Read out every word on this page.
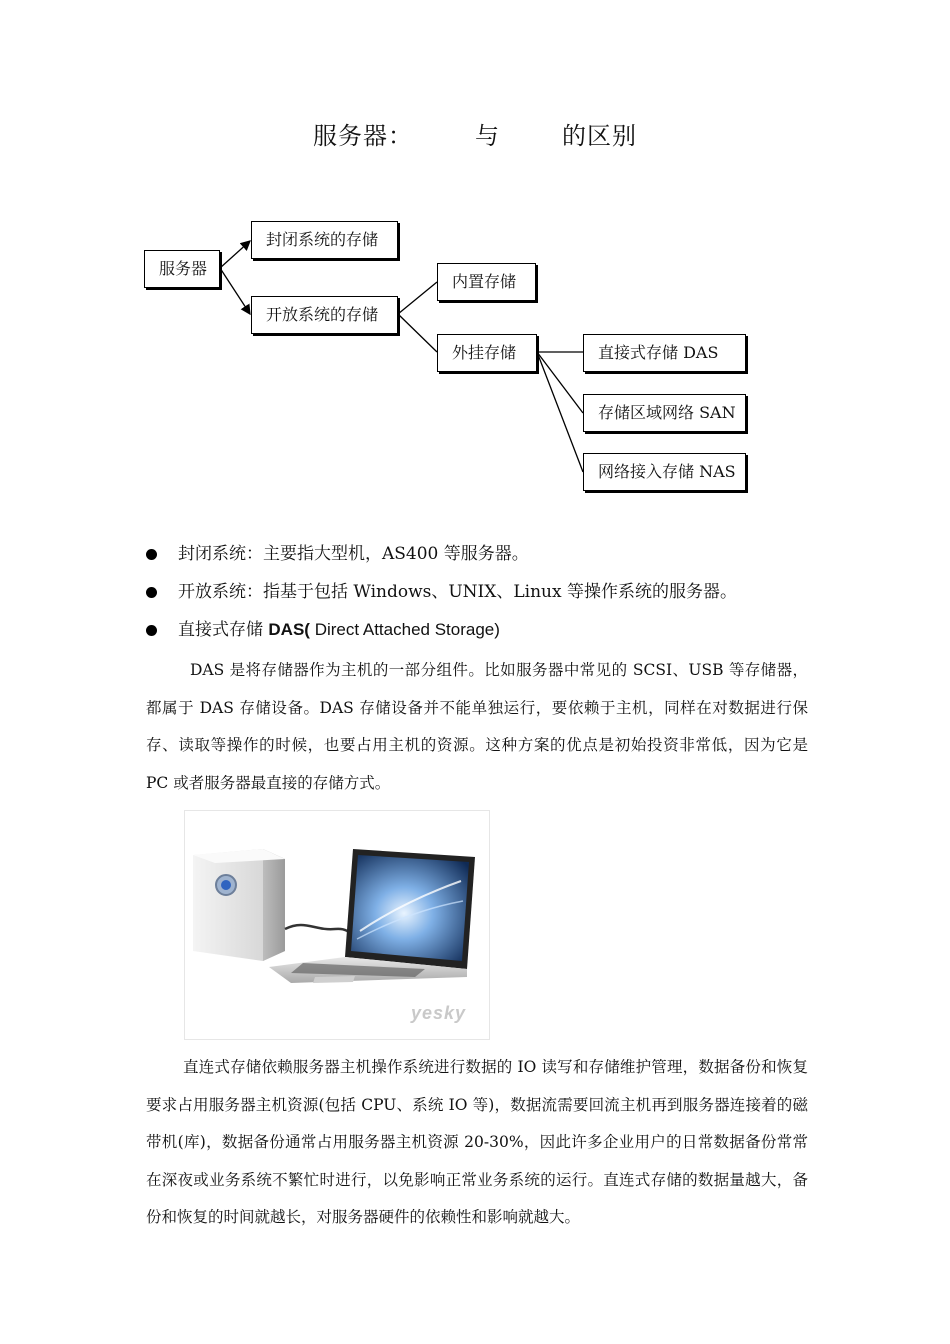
服务器：	与	的区别
服务器
封闭系统的存储
开放系统的存储
内置存储
外挂存储	直接式存储 DAS
存储区域网络 SAN
网络接入存储 NAS
封闭系统：主要指大型机，AS400 等服务器。
开放系统：指基于包括 Windows、UNIX、Linux 等操作系统的服务器。
直接式存储 DAS( Direct Attached Storage)
DAS 是将存储器作为主机的一部分组件。比如服务器中常见的 SCSI、USB 等存储器，都属于 DAS 存储设备。DAS 存储设备并不能单独运行，要依赖于主机，同样在对数据进行保存、读取等操作的时候，也要占用主机的资源。这种方案的优点是初始投资非常低，因为它是 PC 或者服务器最直接的存储方式。
yesky
直连式存储依赖服务器主机操作系统进行数据的 IO 读写和存储维护管理，数据备份和恢复要求占用服务器主机资源(包括 CPU、系统 IO 等)，数据流需要回流主机再到服务器连接着的磁带机(库)，数据备份通常占用服务器主机资源 20-30%，因此许多企业用户的日常数据备份常常在深夜或业务系统不繁忙时进行，以免影响正常业务系统的运行。直连式存储的数据量越大，备份和恢复的时间就越长，对服务器硬件的依赖性和影响就越大。
